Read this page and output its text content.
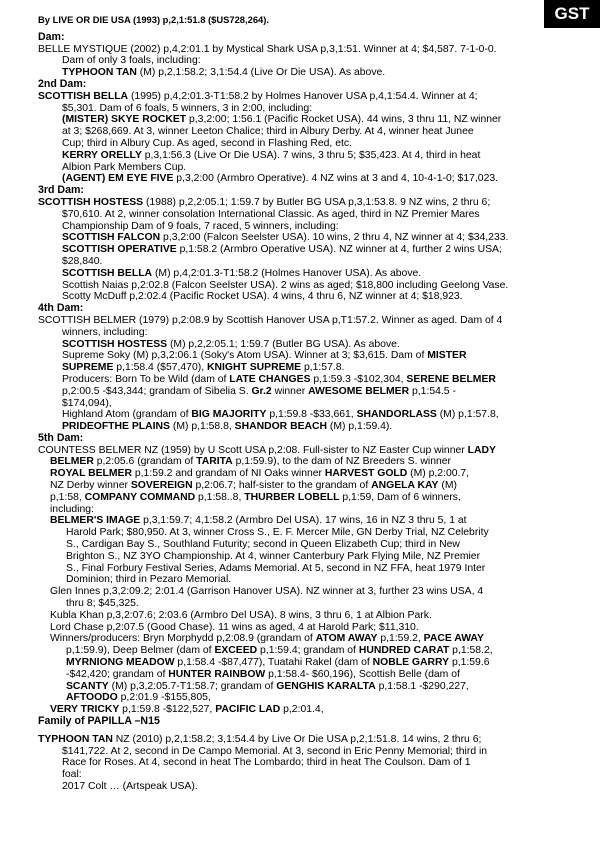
GST
By LIVE OR DIE USA (1993) p,2,1:51.8 ($US728,264).
Dam:
BELLE MYSTIQUE (2002) p,4,2:01.1 by Mystical Shark USA p,3,1:51. Winner at 4; $4,587. 7-1-0-0.
Dam of only 3 foals, including:
TYPHOON TAN (M) p,2,1:58.2; 3,1:54.4 (Live Or Die USA). As above.
2nd Dam:
SCOTTISH BELLA (1995) p,4,2:01.3-T1:58.2 by Holmes Hanover USA p,4,1:54.4. Winner at 4;
$5,301. Dam of 6 foals, 5 winners, 3 in 2:00, including:
(MISTER) SKYE ROCKET p,3,2:00; 1:56.1 (Pacific Rocket USA). 44 wins, 3 thru 11, NZ winner
at 3; $268,669. At 3, winner Leeton Chalice; third in Albury Derby. At 4, winner heat Junee
Cup; third in Albury Cup. As aged, second in Flashing Red, etc.
KERRY ORELLY p,3,1:56.3 (Live Or Die USA). 7 wins, 3 thru 5; $35,423. At 4, third in heat
Albion Park Members Cup.
(AGENT) EM EYE FIVE p,3,2:00 (Armbro Operative). 4 NZ wins at 3 and 4, 10-4-1-0; $17,023.
3rd Dam:
SCOTTISH HOSTESS (1988) p,2,2:05.1; 1:59.7 by Butler BG USA p,3,1:53.8. 9 NZ wins, 2 thru 6;
$70,610. At 2, winner consolation International Classic. As aged, third in NZ Premier Mares
Championship Dam of 9 foals, 7 raced, 5 winners, including:
SCOTTISH FALCON p,3,2:00 (Falcon Seelster USA). 10 wins, 2 thru 4, NZ winner at 4; $34,233.
SCOTTISH OPERATIVE p,1:58.2 (Armbro Operative USA). NZ winner at 4, further 2 wins USA;
$28,840.
SCOTTISH BELLA (M) p,4,2:01.3-T1:58.2 (Holmes Hanover USA). As above.
Scottish Naias p,2:02.8 (Falcon Seelster USA). 2 wins as aged; $18,800 including Geelong Vase.
Scotty McDuff p,2:02.4 (Pacific Rocket USA). 4 wins, 4 thru 6, NZ winner at 4; $18,923.
4th Dam:
SCOTTISH BELMER (1979) p,2:08.9 by Scottish Hanover USA p,T1:57.2. Winner as aged. Dam of 4
winners, including:
SCOTTISH HOSTESS (M) p,2,2:05.1; 1:59.7 (Butler BG USA). As above.
Supreme Soky (M) p,3,2:06.1 (Soky's Atom USA). Winner at 3; $3,615. Dam of MISTER
SUPREME p,1:58.4 ($57,470), KNIGHT SUPREME p,1:57.8.
Producers: Born To be Wild (dam of LATE CHANGES p,1:59.3 -$102,304, SERENE BELMER
p,2:00.5 -$43,344; grandam of Sibelia S. Gr.2 winner AWESOME BELMER p,1:54.5 -
$174,094),
Highland Atom (grandam of BIG MAJORITY p,1:59.8 -$33,661, SHANDORLASS (M) p,1:57.8,
PRIDEOFTHE PLAINS (M) p,1:58.8, SHANDOR BEACH (M) p,1:59.4).
5th Dam:
COUNTESS BELMER NZ (1959) by U Scott USA p,2:08. Full-sister to NZ Easter Cup winner LADY
BELMER p,2:05.6 (grandam of TARITA p,1:59.9), to the dam of NZ Breeders S. winner
ROYAL BELMER p,1:59.2 and grandam of NI Oaks winner HARVEST GOLD (M) p,2:00.7,
NZ Derby winner SOVEREIGN p,2:06.7; half-sister to the grandam of ANGELA KAY (M)
p,1:58, COMPANY COMMAND p,1:58..8, THURBER LOBELL p,1:59, Dam of 6 winners,
including:
BELMER'S IMAGE p,3,1:59.7; 4,1:58.2 (Armbro Del USA). 17 wins, 16 in NZ 3 thru 5, 1 at
Harold Park; $80,950. At 3, winner Cross S., E. F. Mercer Mile, GN Derby Trial, NZ Celebrity
S., Cardigan Bay S., Southland Futurity; second in Queen Elizabeth Cup; third in New
Brighton S., NZ 3YO Championship. At 4, winner Canterbury Park Flying Mile, NZ Premier
S., Final Forbury Festival Series, Adams Memorial. At 5, second in NZ FFA, heat 1979 Inter
Dominion; third in Pezaro Memorial.
Glen Innes p,3,2:09.2; 2:01.4 (Garrison Hanover USA). NZ winner at 3, further 23 wins USA, 4
thru 8; $45,325.
Kubla Khan p,3,2:07.6; 2:03.6 (Armbro Del USA). 8 wins, 3 thru 6, 1 at Albion Park.
Lord Chase p,2:07.5 (Good Chase). 11 wins as aged, 4 at Harold Park; $11,310.
Winners/producers: Bryn Morphydd p,2:08.9 (grandam of ATOM AWAY p,1:59.2, PACE AWAY
p,1:59.9), Deep Belmer (dam of EXCEED p,1:59.4; grandam of HUNDRED CARAT p,1:58.2,
MYRNIONG MEADOW p,1:58.4 -$87,477), Tuatahi Rakel (dam of NOBLE GARRY p,1:59.6
-$42,420; grandam of HUNTER RAINBOW p,1:58.4- $60,196), Scottish Belle (dam of
SCANTY (M) p,3,2:05.7-T1:58.7; grandam of GENGHIS KARALTA p,1:58.1 -$290,227,
AFTOODO p,2:01.9 -$155,805,
VERY TRICKY p,1:59.8 -$122,527, PACIFIC LAD p,2:01.4,
Family of PAPILLA –N15
TYPHOON TAN NZ (2010) p,2,1:58.2; 3,1:54.4 by Live Or Die USA p,2,1:51.8. 14 wins, 2 thru 6;
$141,722. At 2, second in De Campo Memorial. At 3, second in Eric Penny Memorial; third in
Race for Roses. At 4, second in heat The Lombardo; third in heat The Coulson. Dam of 1
foal:
2017 Colt … (Artspeak USA).
